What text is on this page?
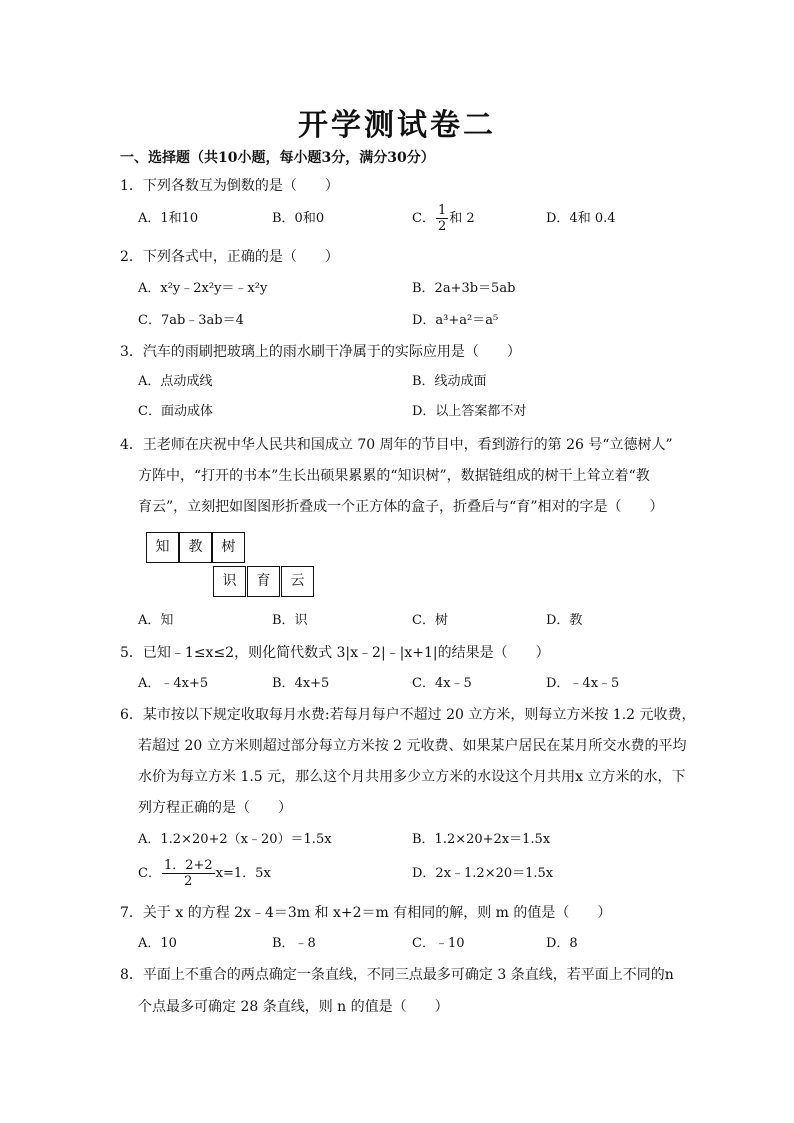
开学测试卷二
一、选择题（共10小题，每小题3分，满分30分）
1．下列各数互为倒数的是（　　）
A．1和10	B．0和0	C． $\frac{1}{2}$ 和 2	D．4和 0.4
2．下列各式中，正确的是（　　）
A．x²y﹣2x²y＝﹣x²y	B．2a+3b＝5ab
C．7ab﹣3ab＝4	D．a³+a²＝a⁵
3．汽车的雨刷把玻璃上的雨水刷干净属于的实际应用是（　　）
A．点动成线	B．线动成面
C．面动成体	D．以上答案都不对
4．王老师在庆祝中华人民共和国成立 70 周年的节目中，看到游行的第 26 号“立德树人”
方阵中，“打开的书本”生长出硕果累累的“知识树”，数据链组成的树干上耸立着“教
育云”，立刻把如图图形折叠成一个正方体的盒子，折叠后与“育”相对的字是（　　）
知	教	树
识	育	云
A．知	B．识	C．树	D．教
5．已知﹣1≤x≤2，则化简代数式 3|x﹣2|﹣|x+1|的结果是（　　）
A．﹣4x+5	B．4x+5	C．4x﹣5	D．﹣4x﹣5
6．某市按以下规定收取每月水费:若每月每户不超过 20 立方米，则每立方米按 1.2 元收费，
若超过 20 立方米则超过部分每立方米按 2 元收费、如果某户居民在某月所交水费的平均
水价为每立方米 1.5 元，那么这个月共用多少立方米的水设这个月共用x 立方米的水，下
列方程正确的是（　　）
A．1.2×20+2（x﹣20）＝1.5x	B．1.2×20+2x＝1.5x
C． $\frac{1.2+2}{2} x=1$．5x	D．2x﹣1.2×20＝1.5x
7．关于 x 的方程 2x﹣4＝3m 和 x+2＝m 有相同的解，则 m 的值是（　　）
A．10	B．﹣8	C．﹣10	D．8
8．平面上不重合的两点确定一条直线，不同三点最多可确定 3 条直线，若平面上不同的n
个点最多可确定 28 条直线，则 n 的值是（　　）
